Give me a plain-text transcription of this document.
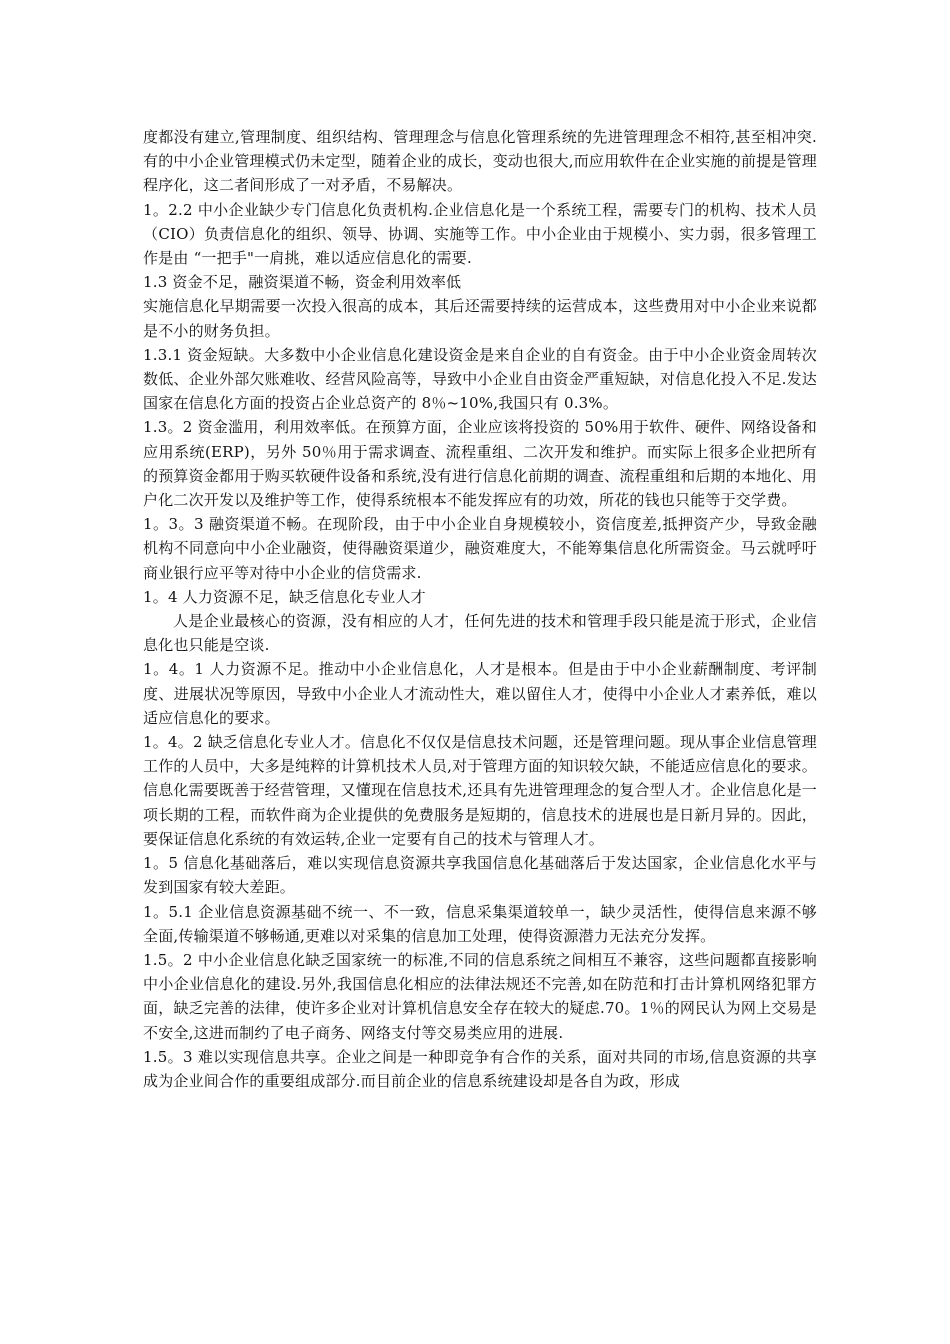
度都没有建立,管理制度、组织结构、管理理念与信息化管理系统的先进管理理念不相符,甚至相冲突.有的中小企业管理模式仍未定型，随着企业的成长，变动也很大,而应用软件在企业实施的前提是管理程序化，这二者间形成了一对矛盾，不易解决。

1。2.2 中小企业缺少专门信息化负责机构.企业信息化是一个系统工程，需要专门的机构、技术人员（CIO）负责信息化的组织、领导、协调、实施等工作。中小企业由于规模小、实力弱，很多管理工作是由 “一把手"一肩挑，难以适应信息化的需要.

1.3 资金不足，融资渠道不畅，资金利用效率低

实施信息化早期需要一次投入很高的成本，其后还需要持续的运营成本，这些费用对中小企业来说都是不小的财务负担。

1.3.1 资金短缺。大多数中小企业信息化建设资金是来自企业的自有资金。由于中小企业资金周转次数低、企业外部欠账难收、经营风险高等，导致中小企业自由资金严重短缺，对信息化投入不足.发达国家在信息化方面的投资占企业总资产的 8％~10%,我国只有 0.3%。

1.3。2 资金滥用，利用效率低。在预算方面，企业应该将投资的 50%用于软件、硬件、网络设备和应用系统(ERP)，另外 50％用于需求调查、流程重组、二次开发和维护。而实际上很多企业把所有的预算资金都用于购买软硬件设备和系统,没有进行信息化前期的调查、流程重组和后期的本地化、用户化二次开发以及维护等工作，使得系统根本不能发挥应有的功效，所花的钱也只能等于交学费。

1。3。3 融资渠道不畅。在现阶段，由于中小企业自身规模较小，资信度差,抵押资产少，导致金融机构不同意向中小企业融资，使得融资渠道少，融资难度大，不能筹集信息化所需资金。马云就呼吁商业银行应平等对待中小企业的信贷需求.

1。4 人力资源不足，缺乏信息化专业人才

人是企业最核心的资源，没有相应的人才，任何先进的技术和管理手段只能是流于形式，企业信息化也只能是空谈.

1。4。1 人力资源不足。推动中小企业信息化，人才是根本。但是由于中小企业薪酬制度、考评制度、进展状况等原因，导致中小企业人才流动性大，难以留住人才，使得中小企业人才素养低，难以适应信息化的要求。

1。4。2 缺乏信息化专业人才。信息化不仅仅是信息技术问题，还是管理问题。现从事企业信息管理工作的人员中，大多是纯粹的计算机技术人员,对于管理方面的知识较欠缺，不能适应信息化的要求。信息化需要既善于经营管理，又懂现在信息技术,还具有先进管理理念的复合型人才。企业信息化是一项长期的工程，而软件商为企业提供的免费服务是短期的，信息技术的进展也是日新月异的。因此，要保证信息化系统的有效运转,企业一定要有自己的技术与管理人才。

1。5 信息化基础落后，难以实现信息资源共享我国信息化基础落后于发达国家，企业信息化水平与发到国家有较大差距。

1。5.1 企业信息资源基础不统一、不一致，信息采集渠道较单一，缺少灵活性，使得信息来源不够全面,传输渠道不够畅通,更难以对采集的信息加工处理，使得资源潜力无法充分发挥。

1.5。2 中小企业信息化缺乏国家统一的标准,不同的信息系统之间相互不兼容，这些问题都直接影响中小企业信息化的建设.另外,我国信息化相应的法律法规还不完善,如在防范和打击计算机网络犯罪方面，缺乏完善的法律，使许多企业对计算机信息安全存在较大的疑虑.70。1％的网民认为网上交易是不安全,这进而制约了电子商务、网络支付等交易类应用的进展.

1.5。3 难以实现信息共享。企业之间是一种即竞争有合作的关系，面对共同的市场,信息资源的共享成为企业间合作的重要组成部分.而目前企业的信息系统建设却是各自为政，形成
